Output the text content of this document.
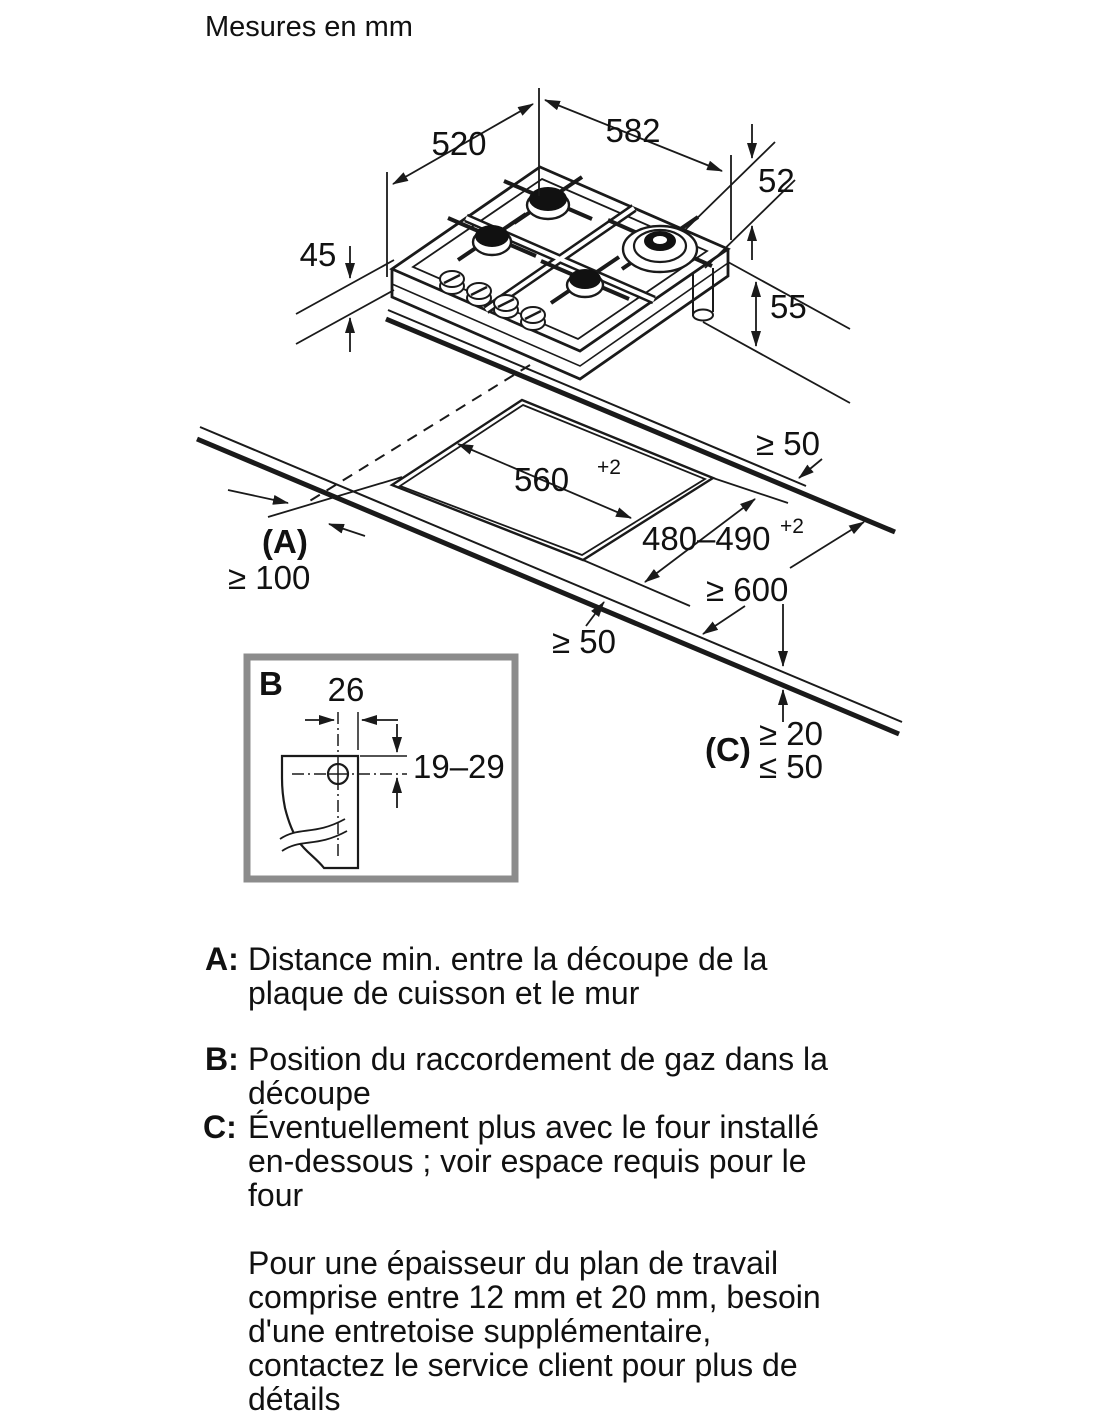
Mesures en mm
520	582
52
45
55
560 +2
480–490 +2
≥ 50
≥ 600
≥ 50
(A)
≥ 100
(C) ≥ 20
≤ 50
B 26
19–29
A: Distance min. entre la découpe de la
plaque de cuisson et le mur
B: Position du raccordement de gaz dans la
découpe
C: Éventuellement plus avec le four installé
en-dessous ; voir espace requis pour le
four
Pour une épaisseur du plan de travail
comprise entre 12 mm et 20 mm, besoin
d'une entretoise supplémentaire,
contactez le service client pour plus de
détails
